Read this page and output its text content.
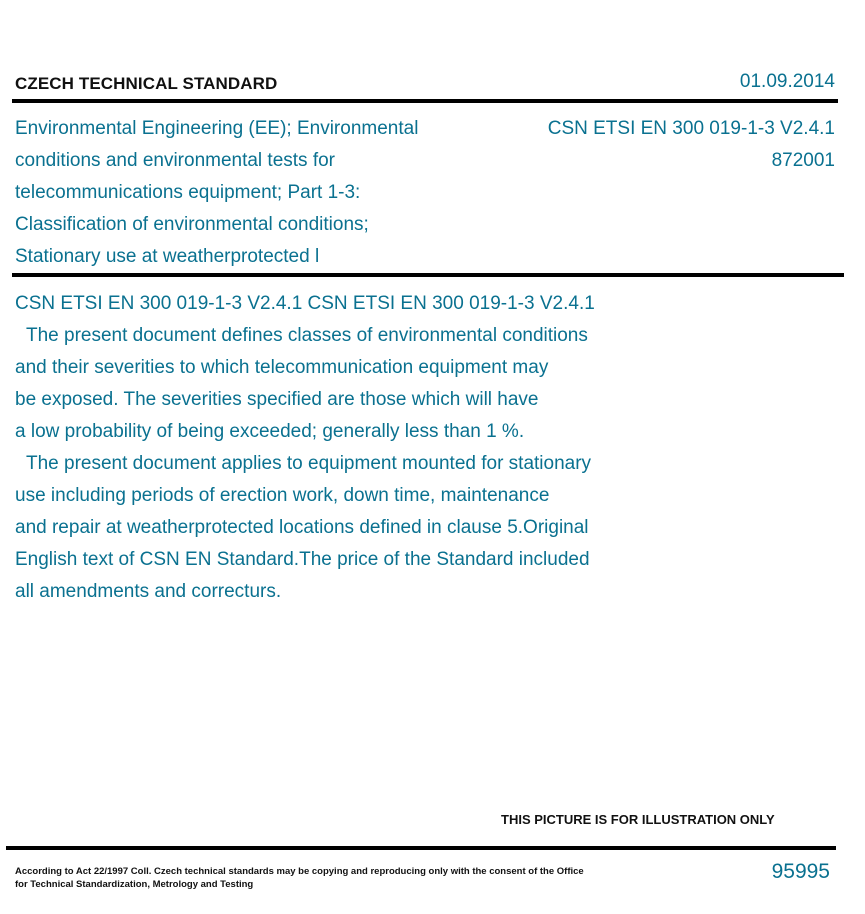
CZECH TECHNICAL STANDARD	01.09.2014
Environmental Engineering (EE); Environmental
conditions and environmental tests for
telecommunications equipment; Part 1-3:
Classification of environmental conditions;
Stationary use at weatherprotected l
CSN ETSI EN 300 019-1-3 V2.4.1
872001
CSN ETSI EN 300 019-1-3 V2.4.1 CSN ETSI EN 300 019-1-3 V2.4.1
The present document defines classes of environmental conditions
and their severities to which telecommunication equipment may
be exposed. The severities specified are those which will have
a low probability of being exceeded; generally less than 1 %.
The present document applies to equipment mounted for stationary
use including periods of erection work, down time, maintenance
and repair at weatherprotected locations defined in clause 5.Original
English text of CSN EN Standard.The price of the Standard included
all amendments and correcturs.
THIS PICTURE IS FOR ILLUSTRATION ONLY
According to Act 22/1997 Coll. Czech technical standards may be copying and reproducing only with the consent of the Office
for Technical Standardization, Metrology and Testing
95995
